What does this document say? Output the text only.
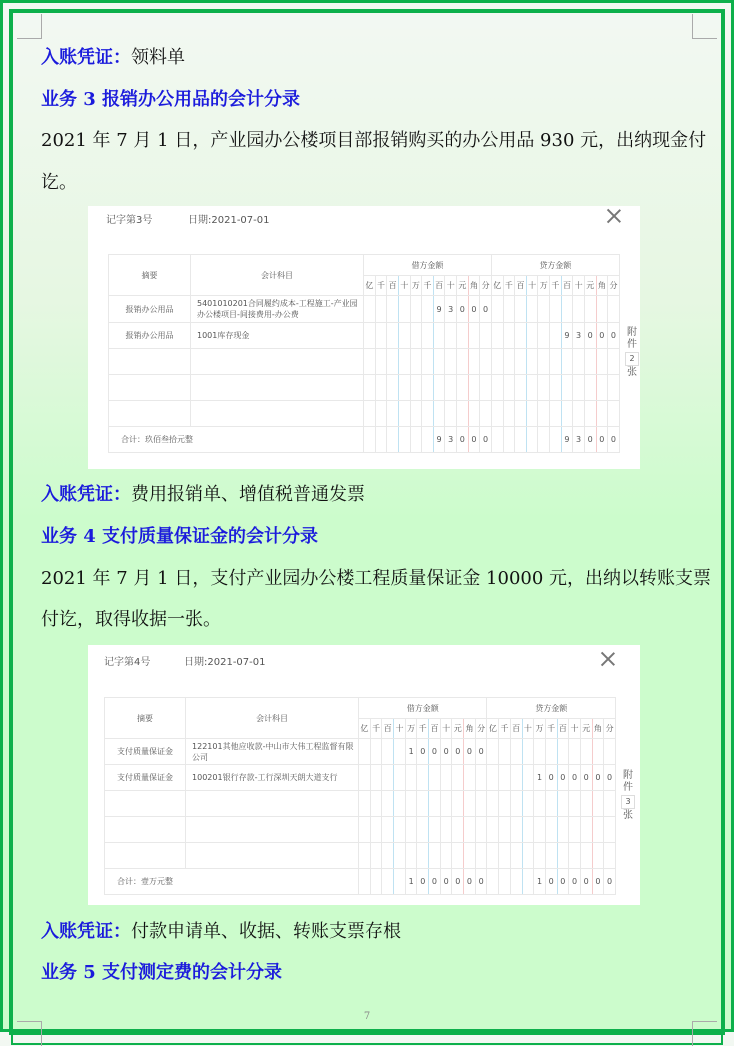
入账凭证：领料单
业务 3 报销办公用品的会计分录
2021 年 7 月 1 日，产业园办公楼项目部报销购买的办公用品 930 元，出纳现金付
讫。
记字第3号	日期:2021-07-01
摘要	会计科目	借方金额											贷方金额										
		亿	千	百	十	万	千	百	十	元	角	分	亿	千	百	十	万	千	百	十	元	角	分
报销办公用品	5401010201合同履约成本-工程施工-产业园办公楼项目-间接费用-办公费							9	3	0	0	0											
报销办公用品	1001库存现金																		9	3	0	0	0

合计：玖佰叁拾元整								9	3	0	0	0							9	3	0	0	0
附
件
2
张
入账凭证：费用报销单、增值税普通发票
业务 4 支付质量保证金的会计分录
2021 年 7 月 1 日，支付产业园办公楼工程质量保证金 10000 元，出纳以转账支票
付讫，取得收据一张。
记字第4号	日期:2021-07-01
摘要	会计科目	借方金额											贷方金额										
		亿	千	百	十	万	千	百	十	元	角	分	亿	千	百	十	万	千	百	十	元	角	分
支付质量保证金	122101其他应收款-中山市大伟工程监督有限公司					1	0	0	0	0	0	0											
支付质量保证金	100201银行存款-工行深圳天朗大道支行																1	0	0	0	0	0	0

合计：壹万元整						1	0	0	0	0	0	0					1	0	0	0	0	0	0
附
件
3
张
入账凭证：付款申请单、收据、转账支票存根
业务 5 支付测定费的会计分录
7
